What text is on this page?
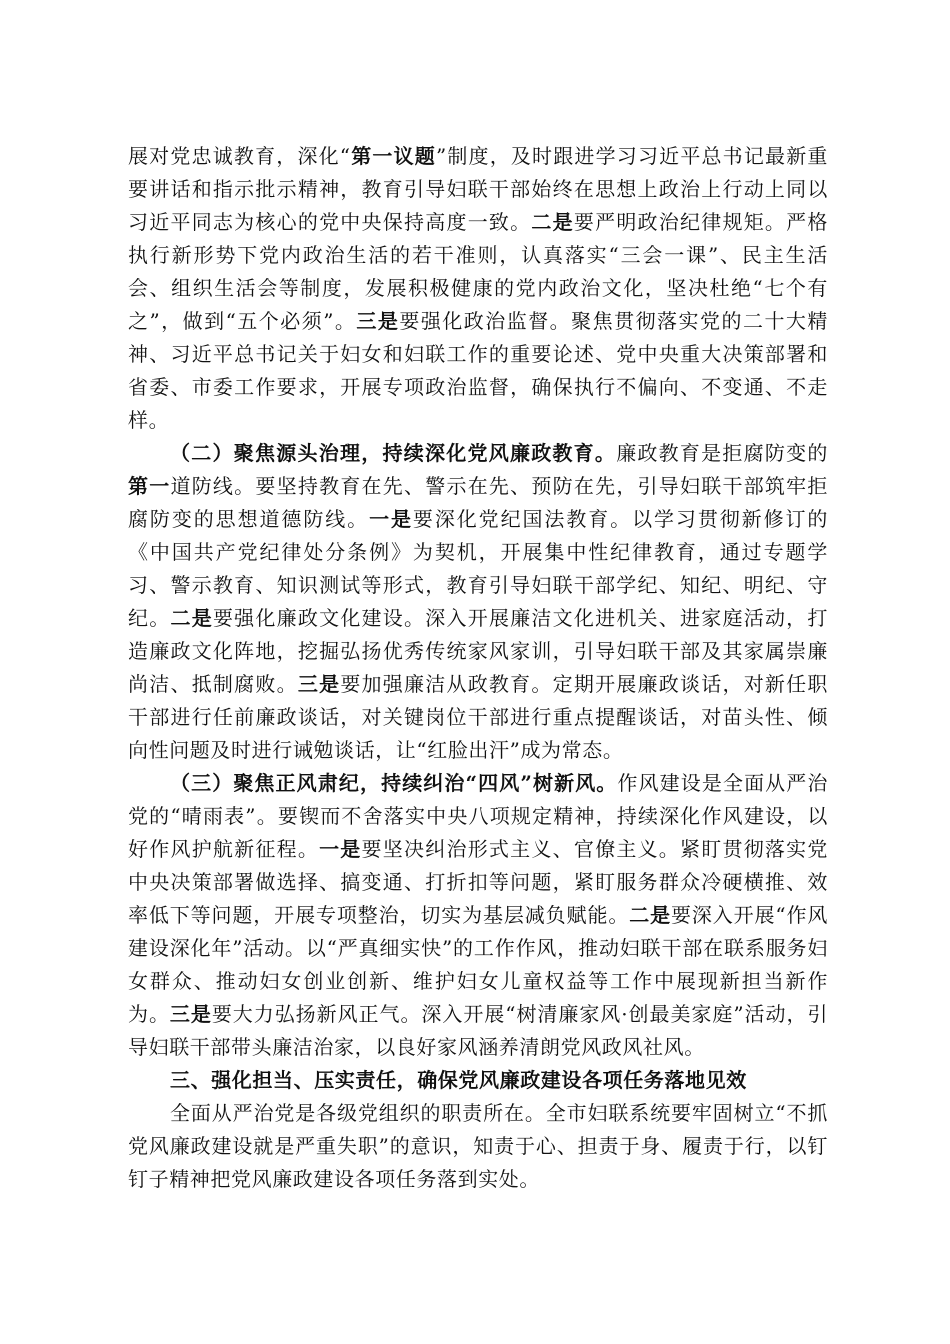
展对党忠诚教育，深化“第一议题”制度，及时跟进学习习近平总书记最新重要讲话和指示批示精神，教育引导妇联干部始终在思想上政治上行动上同以习近平同志为核心的党中央保持高度一致。二是要严明政治纪律规矩。严格执行新形势下党内政治生活的若干准则，认真落实“三会一课”、民主生活会、组织生活会等制度，发展积极健康的党内政治文化，坚决杜绝“七个有之”，做到“五个必须”。三是要强化政治监督。聚焦贯彻落实党的二十大精神、习近平总书记关于妇女和妇联工作的重要论述、党中央重大决策部署和省委、市委工作要求，开展专项政治监督，确保执行不偏向、不变通、不走样。

（二）聚焦源头治理，持续深化党风廉政教育。廉政教育是拒腐防变的第一道防线。要坚持教育在先、警示在先、预防在先，引导妇联干部筑牢拒腐防变的思想道德防线。一是要深化党纪国法教育。以学习贯彻新修订的《中国共产党纪律处分条例》为契机，开展集中性纪律教育，通过专题学习、警示教育、知识测试等形式，教育引导妇联干部学纪、知纪、明纪、守纪。二是要强化廉政文化建设。深入开展廉洁文化进机关、进家庭活动，打造廉政文化阵地，挖掘弘扬优秀传统家风家训，引导妇联干部及其家属崇廉尚洁、抵制腐败。三是要加强廉洁从政教育。定期开展廉政谈话，对新任职干部进行任前廉政谈话，对关键岗位干部进行重点提醒谈话，对苗头性、倾向性问题及时进行诫勉谈话，让“红脸出汗”成为常态。

（三）聚焦正风肃纪，持续纠治“四风”树新风。作风建设是全面从严治党的“晴雨表”。要锲而不舍落实中央八项规定精神，持续深化作风建设，以好作风护航新征程。一是要坚决纠治形式主义、官僚主义。紧盯贯彻落实党中央决策部署做选择、搞变通、打折扣等问题，紧盯服务群众冷硬横推、效率低下等问题，开展专项整治，切实为基层减负赋能。二是要深入开展“作风建设深化年”活动。以“严真细实快”的工作作风，推动妇联干部在联系服务妇女群众、推动妇女创业创新、维护妇女儿童权益等工作中展现新担当新作为。三是要大力弘扬新风正气。深入开展“树清廉家风·创最美家庭”活动，引导妇联干部带头廉洁治家，以良好家风涵养清朗党风政风社风。

三、强化担当、压实责任，确保党风廉政建设各项任务落地见效

全面从严治党是各级党组织的职责所在。全市妇联系统要牢固树立“不抓党风廉政建设就是严重失职”的意识，知责于心、担责于身、履责于行，以钉钉子精神把党风廉政建设各项任务落到实处。
